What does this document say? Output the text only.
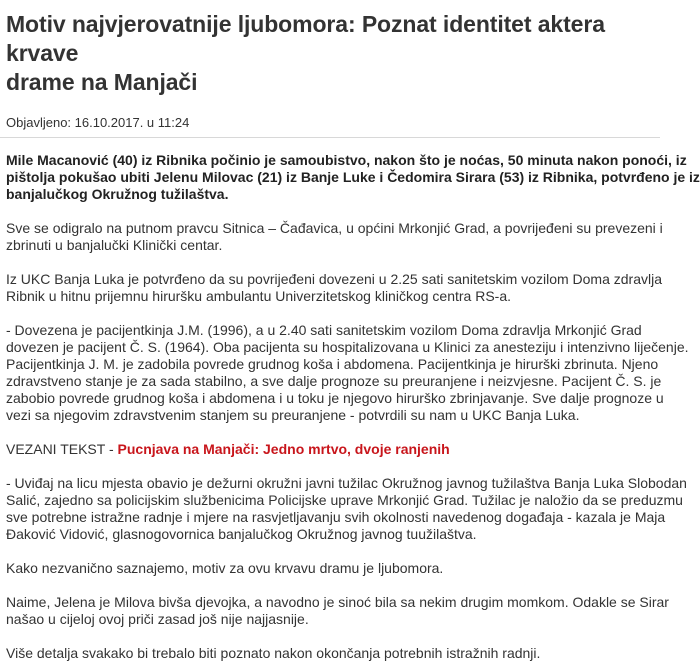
Motiv najvjerovatnije ljubomora: Poznat identitet aktera krvave
drame na Manjači
Objavljeno: 16.10.2017. u 11:24

Mile Macanović (40) iz Ribnika počinio je samoubistvo, nakon što je noćas, 50 minuta nakon ponoći, iz

pištolja pokušao ubiti Jelenu Milovac (21) iz Banje Luke i Čedomira Sirara (53) iz Ribnika, potvrđeno je iz

banjalučkog Okružnog tužilaštva.

Sve se odigralo na putnom pravcu Sitnica – Čađavica, u općini Mrkonjić Grad, a povrijeđeni su prevezeni i

zbrinuti u banjalučki Klinički centar.

Iz UKC Banja Luka je potvrđeno da su povrijeđeni dovezeni u 2.25 sati sanitetskim vozilom Doma zdravlja

Ribnik u hitnu prijemnu hiruršku ambulantu Univerzitetskog kliničkog centra RS-a.

- Dovezena je pacijentkinja J.M. (1996), a u 2.40 sati sanitetskim vozilom Doma zdravlja Mrkonjić Grad

dovezen je pacijent Č. S. (1964). Oba pacijenta su hospitalizovana u Klinici za anesteziju i intenzivno liječenje.

Pacijentkinja J. M. je zadobila povrede grudnog koša i abdomena. Pacijentkinja je hirurški zbrinuta. Njeno

zdravstveno stanje je za sada stabilno, a sve dalje prognoze su preuranjene i neizvjesne. Pacijent Č. S. je

zabobio povrede grudnog koša i abdomena i u toku je njegovo hirurško zbrinjavanje. Sve dalje prognoze u

vezi sa njegovim zdravstvenim stanjem su preuranjene - potvrdili su nam u UKC Banja Luka.

VEZANI TEKST - Pucnjava na Manjači: Jedno mrtvo, dvoje ranjenih

- Uviđaj na licu mjesta obavio je dežurni okružni javni tužilac Okružnog javnog tužilaštva Banja Luka Slobodan

Salić, zajedno sa policijskim službenicima Policijske uprave Mrkonjić Grad. Tužilac je naložio da se preduzmu

sve potrebne istražne radnje i mjere na rasvjetljavanju svih okolnosti navedenog događaja - kazala je Maja

Đaković Vidović, glasnogovornica banjalučkog Okružnog javnog tuužilaštva.

Kako nezvanično saznajemo, motiv za ovu krvavu dramu je ljubomora.

Naime, Jelena je Milova bivša djevojka, a navodno je sinoć bila sa nekim drugim momkom. Odakle se Sirar

našao u cijeloj ovoj priči zasad još nije najjasnije.

Više detalja svakako bi trebalo biti poznato nakon okončanja potrebnih istražnih radnji.
